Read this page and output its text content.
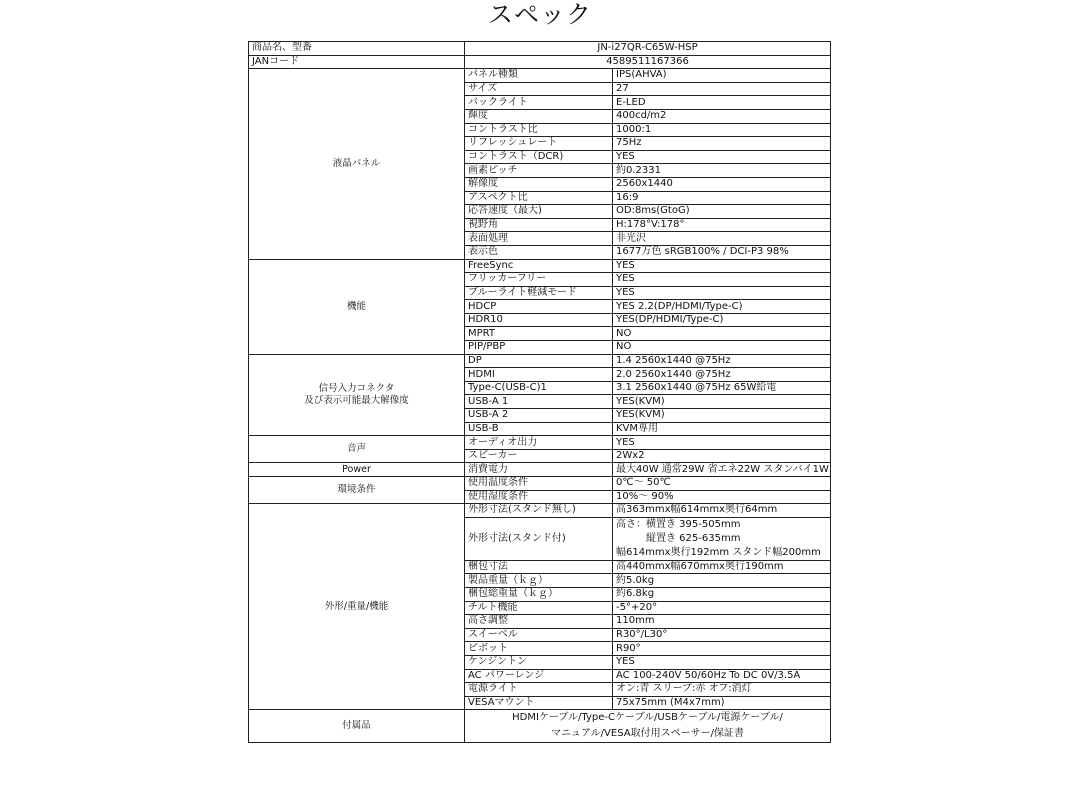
スペック
商品名、型番	JN-i27QR-C65W-HSP	
JANコード	4589511167366	

液晶パネル	パネル種類	IPS(AHVA)
	サイズ	27
	バックライト	E-LED
	輝度	400cd/m2
	コントラスト比	1000:1
	リフレッシュレート	75Hz
	コントラスト（DCR)	YES
	画素ピッチ	約0.2331
	解像度	2560x1440
	アスペクト比	16:9
	応答速度（最大)	OD:8ms(GtoG)
	視野角	H:178°V:178°
	表面処理	非光沢
	表示色	1677万色 sRGB100% / DCI-P3 98%

機能	FreeSync	YES
	フリッカーフリー	YES
	ブルーライト軽減モード	YES
	HDCP	YES 2.2(DP/HDMI/Type-C)
	HDR10	YES(DP/HDMI/Type-C)
	MPRT	NO
	PIP/PBP	NO

信号入力コネクタ
及び表示可能最大解像度	DP	1.4 2560x1440 @75Hz
	HDMI	2.0 2560x1440 @75Hz
	Type-C(USB-C)1	3.1 2560x1440 @75Hz 65W給電
	USB-A 1	YES(KVM)
	USB-A 2	YES(KVM)
	USB-B	KVM専用

音声	オーディオ出力	YES
	スピーカー	2Wx2

Power	消費電力	最大40W 通常29W 省エネ22W スタンバイ1W

環境条件	使用温度条件	0℃～ 50℃
	使用湿度条件	10%～ 90%
外形/重量/機能	外形寸法(スタンド無し)	高363mmx幅614mmx奥行64mm
	外形寸法(スタンド付)	高さ：横置き 395-505mm
縦置き 625-635mm
幅614mmx奥行192mm スタンド幅200mm

	梱包寸法	高440mmx幅670mmx奥行190mm
	製品重量（ｋｇ）	約5.0kg
	梱包総重量（ｋｇ）	約6.8kg
	チルト機能	-5°+20°
	高さ調整	110mm
	スイーベル	R30°/L30°
	ピボット	R90°
	ケンジントン	YES
	AC パワーレンジ	AC 100-240V 50/60Hz To DC 0V/3.5A
	電源ライト	オン:青 スリープ:赤 オフ:消灯
	VESAマウント	75x75mm (M4x7mm)
付属品	HDMIケーブル/Type-Cケーブル/USBケーブル/電源ケーブル/
マニュアル/VESA取付用スペーサー/保証書	
